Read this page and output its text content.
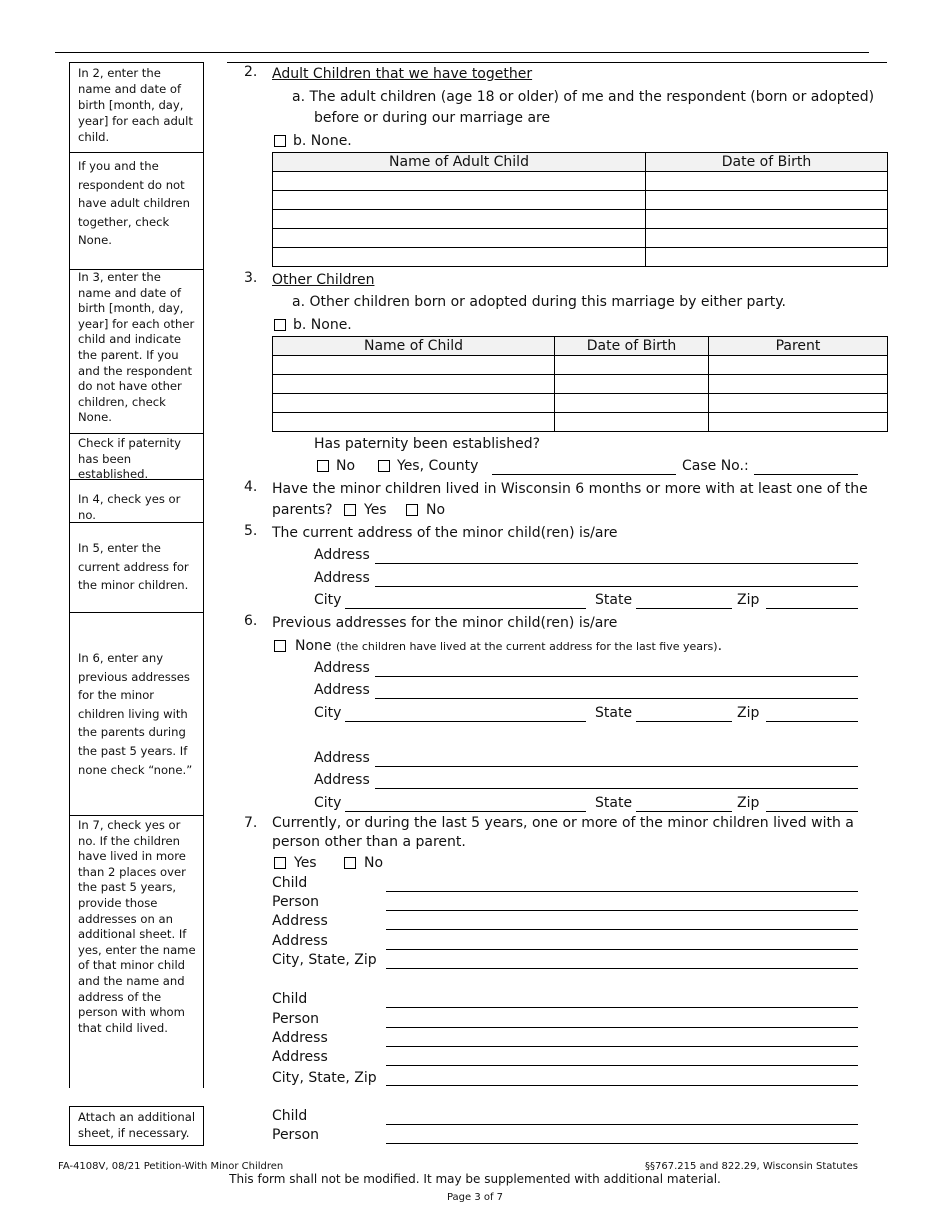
In 2, enter the name and date of birth [month, day, year] for each adult child.
If you and the respondent do not have adult children together, check None.
In 3, enter the name and date of birth [month, day, year] for each other child and indicate the parent. If you and the respondent do not have other children, check None.
Check if paternity has been established.
In 4, check yes or no.
In 5, enter the current address for the minor children.
In 6, enter any previous addresses for the minor children living with the parents during the past 5 years. If none check “none.”
In 7, check yes or no. If the children have lived in more than 2 places over the past 5 years, provide those addresses on an additional sheet. If yes, enter the name of that minor child and the name and address of the person with whom that child lived.
Attach an additional sheet, if necessary.
2. Adult Children that we have together
a. The adult children (age 18 or older) of me and the respondent (born or adopted)
before or during our marriage are
b. None.
Name of Adult Child	Date of Birth

3. Other Children
a. Other children born or adopted during this marriage by either party.
b. None.
Name of Child	Date of Birth	Parent

Has paternity been established?
No	Yes, County	Case No.:
4. Have the minor children lived in Wisconsin 6 months or more with at least one of the
parents? Yes	No
5. The current address of the minor child(ren) is/are
Address
Address
City	State	Zip
6. Previous addresses for the minor child(ren) is/are
None (the children have lived at the current address for the last five years).
Address
Address
City	State	Zip
Address
Address
City	State	Zip
7. Currently, or during the last 5 years, one or more of the minor children lived with a
person other than a parent.
Yes	No
Child
Person
Address
Address
City, State, Zip
Child
Person
Address
Address
City, State, Zip
Child
Person
FA-4108V, 08/21 Petition-With Minor Children	§§767.215 and 822.29, Wisconsin Statutes
This form shall not be modified. It may be supplemented with additional material.
Page 3 of 7
